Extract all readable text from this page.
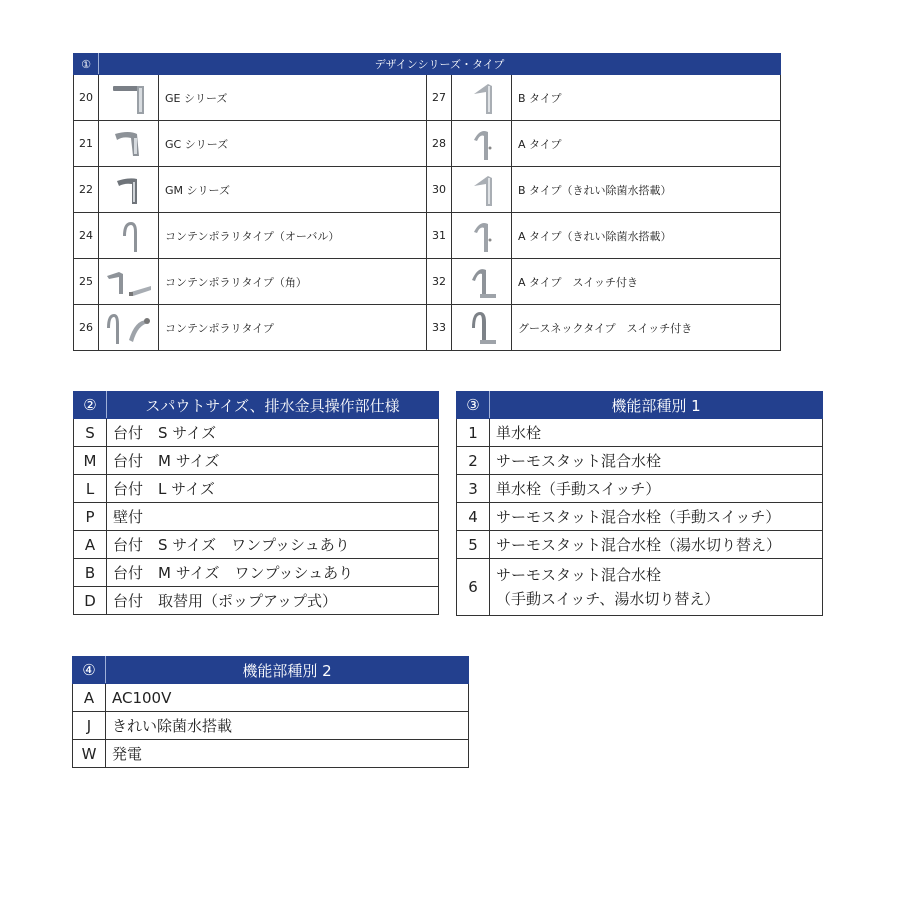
①	デザインシリーズ・タイプ				
20		GE シリーズ	27		B タイプ
21		GC シリーズ	28		A タイプ
22		GM シリーズ	30		B タイプ（きれい除菌水搭載）
24		コンテンポラリタイプ（オーバル）	31		A タイプ（きれい除菌水搭載）
25		コンテンポラリタイプ（角）	32		A タイプ　スイッチ付き
26		コンテンポラリタイプ	33		グースネックタイプ　スイッチ付き
②	スパウトサイズ、排水金具操作部仕様
S	台付　S サイズ
M	台付　M サイズ
L	台付　L サイズ
P	壁付
A	台付　S サイズ　ワンプッシュあり
B	台付　M サイズ　ワンプッシュあり
D	台付　取替用（ポップアップ式）
③	機能部種別 1
1	単水栓
2	サーモスタット混合水栓
3	単水栓（手動スイッチ）
4	サーモスタット混合水栓（手動スイッチ）
5	サーモスタット混合水栓（湯水切り替え）
6	サーモスタット混合水栓
（手動スイッチ、湯水切り替え）
④	機能部種別 2
A	AC100V
J	きれい除菌水搭載
W	発電
